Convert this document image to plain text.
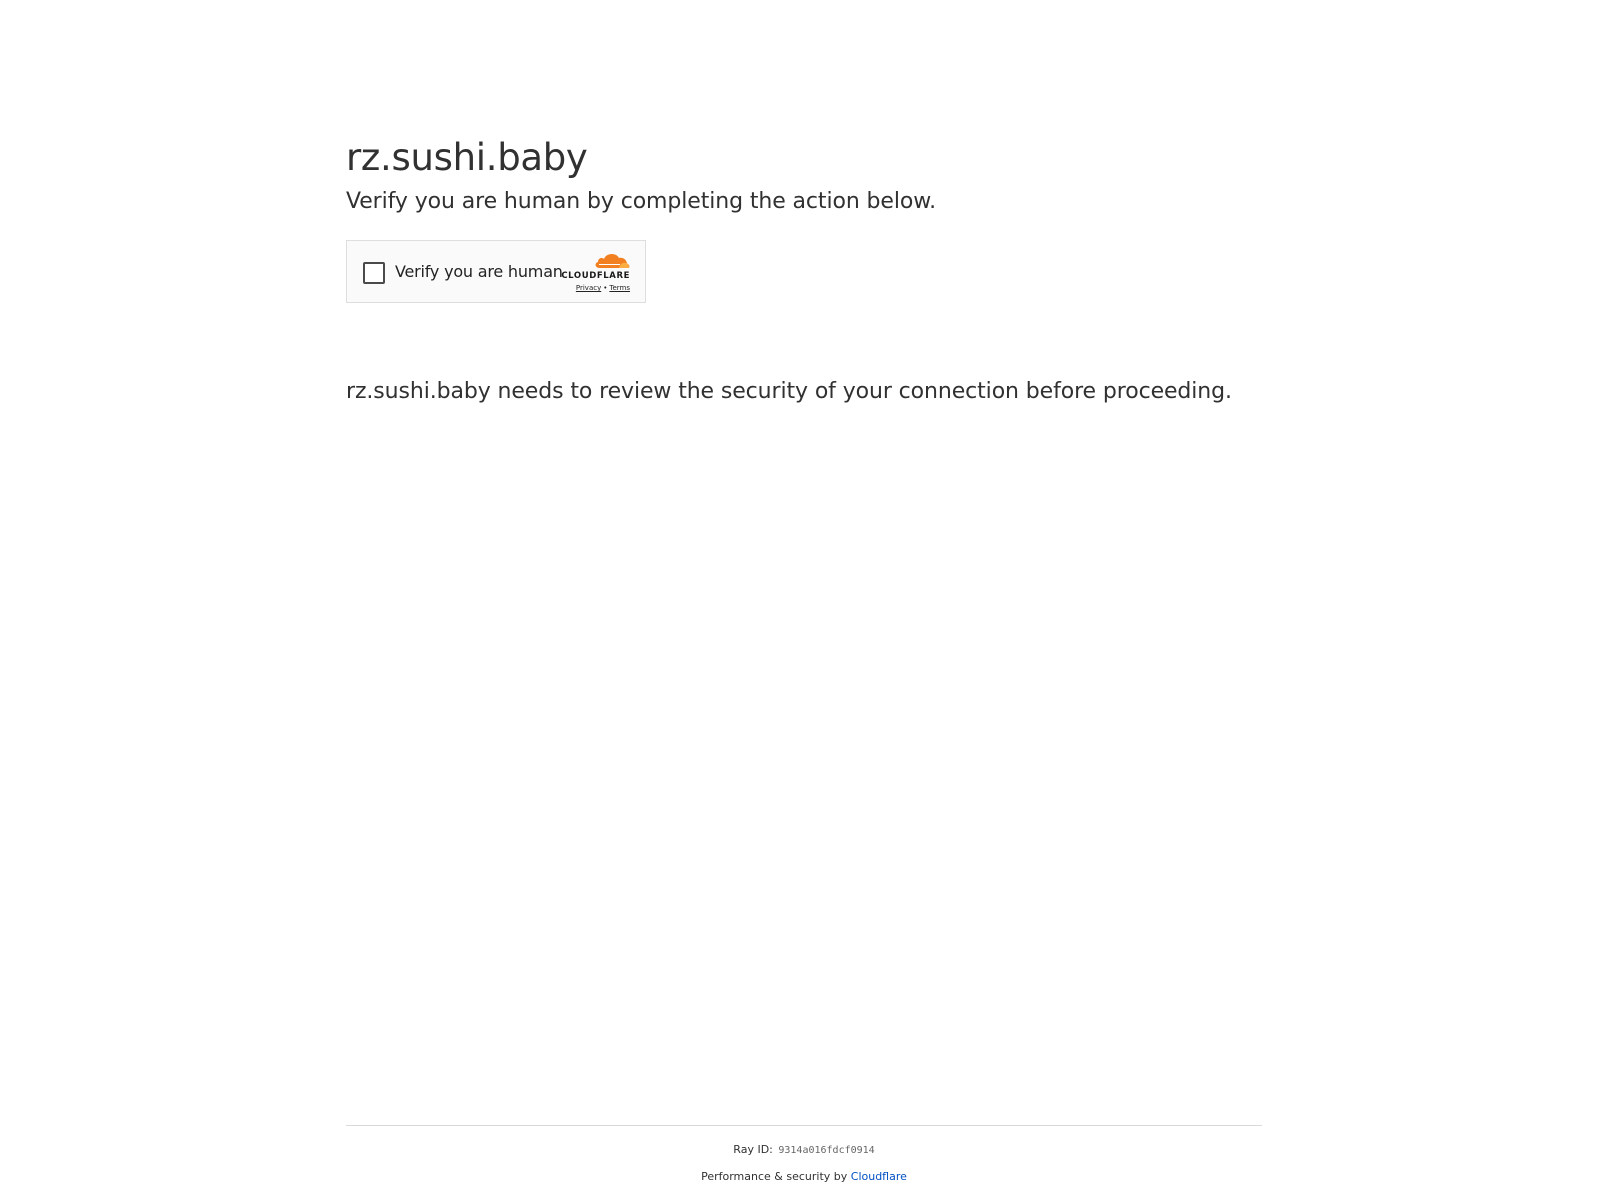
rz.sushi.baby
Verify you are human by completing the action below.
Verify you are human
CLOUDFLARE
Privacy • Terms

rz.sushi.baby needs to review the security of your connection before proceeding.

Ray ID: 9314a016fdcf0914
Performance & security by Cloudflare
